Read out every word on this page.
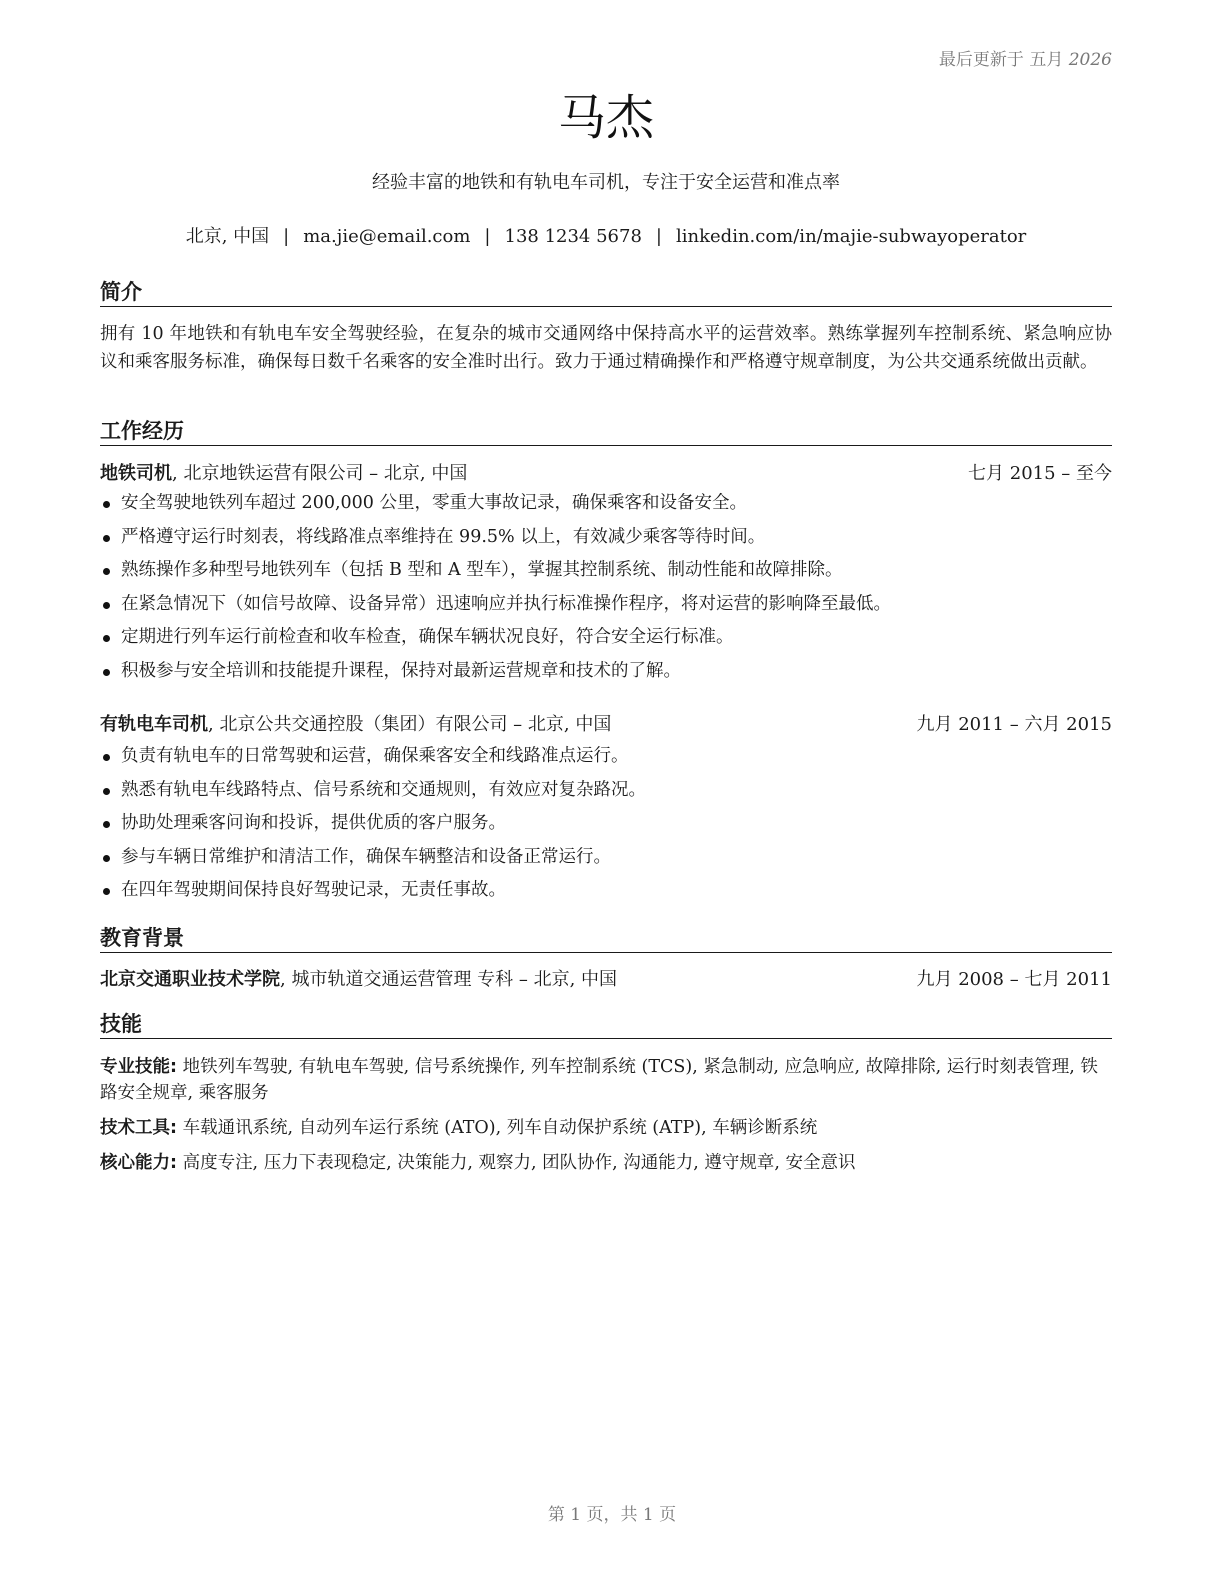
最后更新于 五月 2026
马杰
经验丰富的地铁和有轨电车司机，专注于安全运营和准点率
北京, 中国 | ma.jie@email.com | 138 1234 5678 | linkedin.com/in/majie-subwayoperator
简介
拥有 10 年地铁和有轨电车安全驾驶经验，在复杂的城市交通网络中保持高水平的运营效率。熟练掌握列车控制系统、紧急响应协议和乘客服务标准，确保每日数千名乘客的安全准时出行。致力于通过精确操作和严格遵守规章制度，为公共交通系统做出贡献。
工作经历
地铁司机, 北京地铁运营有限公司 – 北京, 中国	七月 2015 – 至今
安全驾驶地铁列车超过 200,000 公里，零重大事故记录，确保乘客和设备安全。
严格遵守运行时刻表，将线路准点率维持在 99.5% 以上，有效减少乘客等待时间。
熟练操作多种型号地铁列车（包括 B 型和 A 型车），掌握其控制系统、制动性能和故障排除。
在紧急情况下（如信号故障、设备异常）迅速响应并执行标准操作程序，将对运营的影响降至最低。
定期进行列车运行前检查和收车检查，确保车辆状况良好，符合安全运行标准。
积极参与安全培训和技能提升课程，保持对最新运营规章和技术的了解。
有轨电车司机, 北京公共交通控股（集团）有限公司 – 北京, 中国	九月 2011 – 六月 2015
负责有轨电车的日常驾驶和运营，确保乘客安全和线路准点运行。
熟悉有轨电车线路特点、信号系统和交通规则，有效应对复杂路况。
协助处理乘客问询和投诉，提供优质的客户服务。
参与车辆日常维护和清洁工作，确保车辆整洁和设备正常运行。
在四年驾驶期间保持良好驾驶记录，无责任事故。
教育背景
北京交通职业技术学院, 城市轨道交通运营管理 专科 – 北京, 中国	九月 2008 – 七月 2011
技能
专业技能: 地铁列车驾驶, 有轨电车驾驶, 信号系统操作, 列车控制系统 (TCS), 紧急制动, 应急响应, 故障排除, 运行时刻表管理, 铁路安全规章, 乘客服务
技术工具: 车载通讯系统, 自动列车运行系统 (ATO), 列车自动保护系统 (ATP), 车辆诊断系统
核心能力: 高度专注, 压力下表现稳定, 决策能力, 观察力, 团队协作, 沟通能力, 遵守规章, 安全意识
第 1 页，共 1 页
